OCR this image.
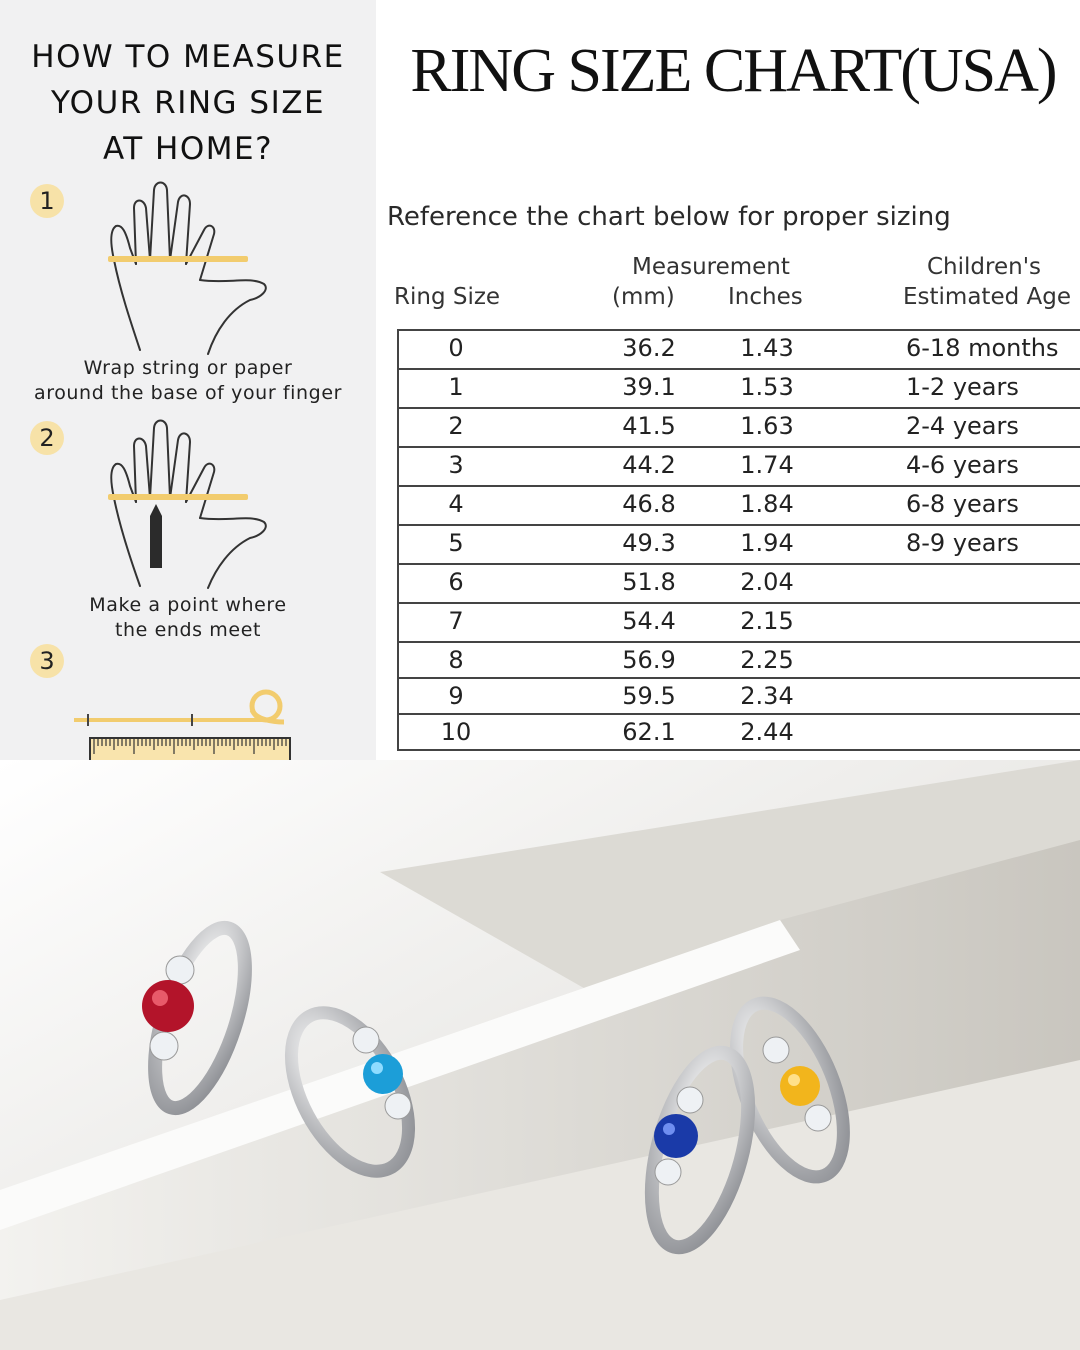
HOW TO MEASURE
YOUR RING SIZE
AT HOME?
1
Wrap string or paper
around the base of your finger
2
Make a point where
the ends meet
3
RING SIZE CHART(USA)
Reference the chart below for proper sizing
Ring Size
Measurement
(mm) Inches
Children's
Estimated Age
0	36.2	1.43	6-18 months
1	39.1	1.53	1-2 years
2	41.5	1.63	2-4 years
3	44.2	1.74	4-6 years
4	46.8	1.84	6-8 years
5	49.3	1.94	8-9 years
6	51.8	2.04
7	54.4	2.15
8	56.9	2.25
9	59.5	2.34
10	62.1	2.44
